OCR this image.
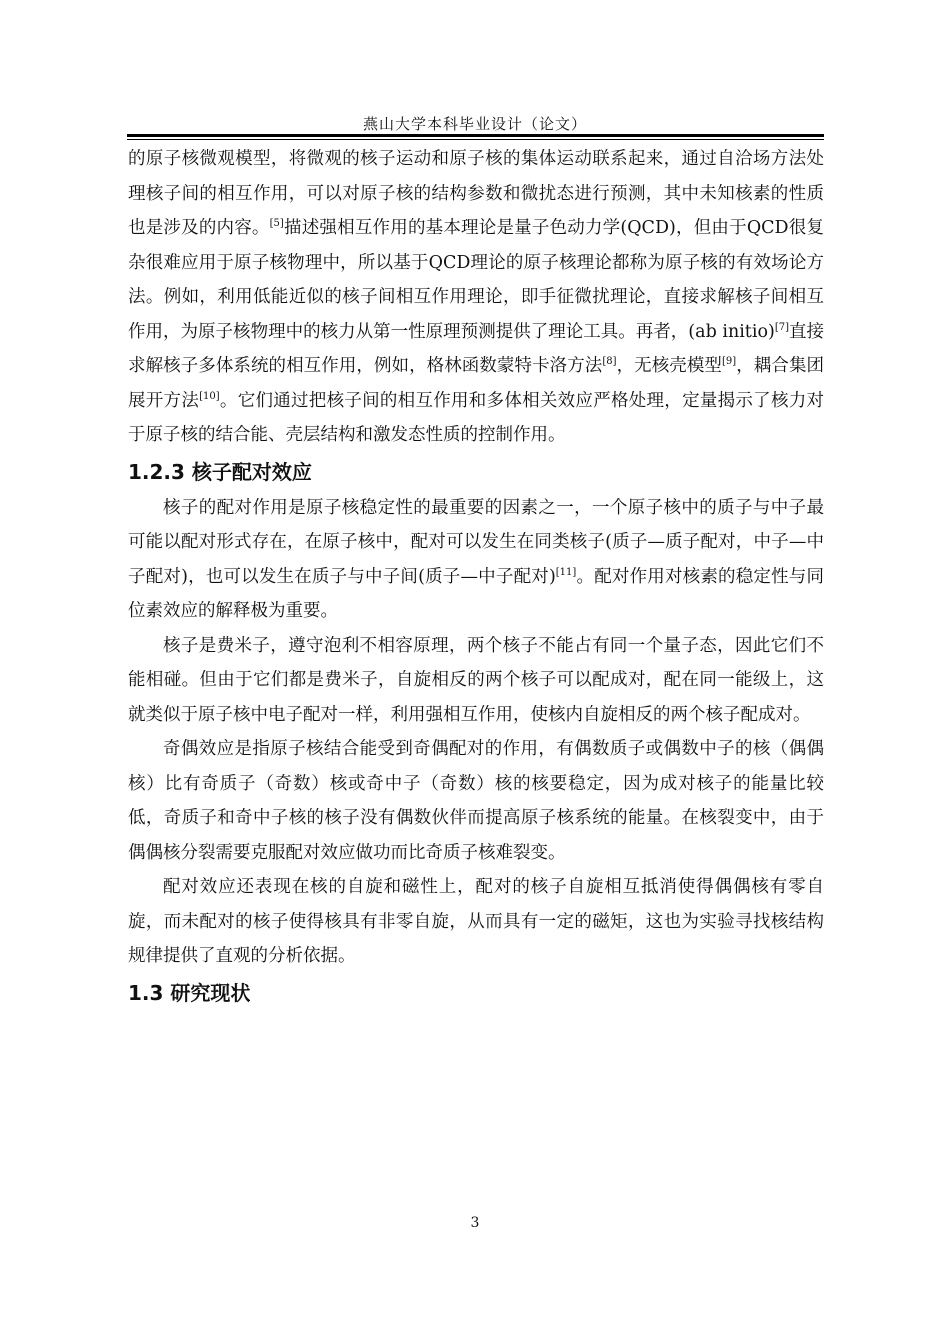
燕山大学本科毕业设计（论文）

的原子核微观模型，将微观的核子运动和原子核的集体运动联系起来，通过自洽场方法处理核子间的相互作用，可以对原子核的结构参数和微扰态进行预测，其中未知核素的性质也是涉及的内容。[5]描述强相互作用的基本理论是量子色动力学(QCD)，但由于QCD很复杂很难应用于原子核物理中，所以基于QCD理论的原子核理论都称为原子核的有效场论方法。例如，利用低能近似的核子间相互作用理论，即手征微扰理论，直接求解核子间相互作用，为原子核物理中的核力从第一性原理预测提供了理论工具。再者，(ab initio)[7]直接求解核子多体系统的相互作用，例如，格林函数蒙特卡洛方法[8]，无核壳模型[9]，耦合集团展开方法[10]。它们通过把核子间的相互作用和多体相关效应严格处理，定量揭示了核力对于原子核的结合能、壳层结构和激发态性质的控制作用。

1.2.3 核子配对效应

核子的配对作用是原子核稳定性的最重要的因素之一，一个原子核中的质子与中子最可能以配对形式存在，在原子核中，配对可以发生在同类核子(质子—质子配对，中子—中子配对)，也可以发生在质子与中子间(质子—中子配对)[11]。配对作用对核素的稳定性与同位素效应的解释极为重要。

核子是费米子，遵守泡利不相容原理，两个核子不能占有同一个量子态，因此它们不能相碰。但由于它们都是费米子，自旋相反的两个核子可以配成对，配在同一能级上，这就类似于原子核中电子配对一样，利用强相互作用，使核内自旋相反的两个核子配成对。

奇偶效应是指原子核结合能受到奇偶配对的作用，有偶数质子或偶数中子的核（偶偶核）比有奇质子（奇数）核或奇中子（奇数）核的核要稳定，因为成对核子的能量比较低，奇质子和奇中子核的核子没有偶数伙伴而提高原子核系统的能量。在核裂变中，由于偶偶核分裂需要克服配对效应做功而比奇质子核难裂变。

配对效应还表现在核的自旋和磁性上，配对的核子自旋相互抵消使得偶偶核有零自旋，而未配对的核子使得核具有非零自旋，从而具有一定的磁矩，这也为实验寻找核结构规律提供了直观的分析依据。

1.3 研究现状
3
